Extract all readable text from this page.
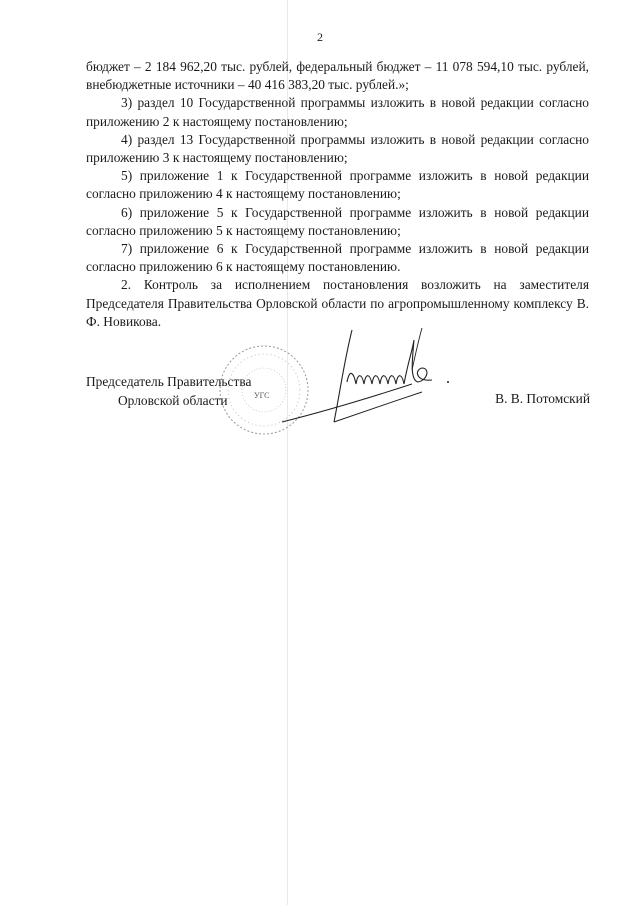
2

бюджет – 2 184 962,20 тыс. рублей, федеральный бюджет – 11 078 594,10 тыс. рублей, внебюджетные источники – 40 416 383,20 тыс. рублей.»;

3) раздел 10 Государственной программы изложить в новой редакции согласно приложению 2 к настоящему постановлению;

4) раздел 13 Государственной программы изложить в новой редакции согласно приложению 3 к настоящему постановлению;

5) приложение 1 к Государственной программе изложить в новой редакции согласно приложению 4 к настоящему постановлению;

6) приложение 5 к Государственной программе изложить в новой редакции согласно приложению 5 к настоящему постановлению;

7) приложение 6 к Государственной программе изложить в новой редакции согласно приложению 6 к настоящему постановлению.

2. Контроль за исполнением постановления возложить на заместителя Председателя Правительства Орловской области по агропромышленному комплексу В. Ф. Новикова.

УГС
Председатель Правительства
Орловской области	В. В. Потомский
